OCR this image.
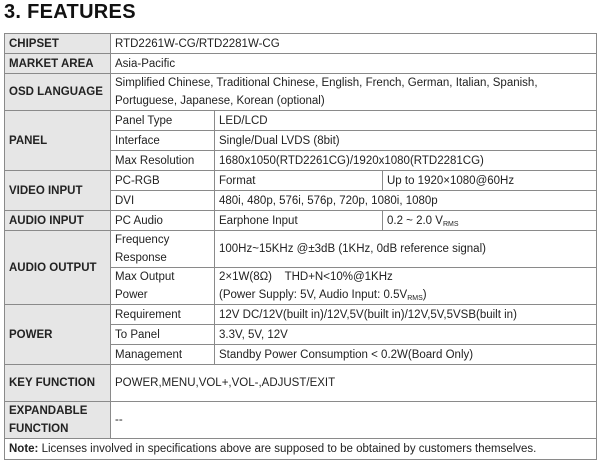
3. FEATURES
CHIPSET	RTD2261W-CG/RTD2281W-CG		
MARKET AREA	Asia-Pacific		
OSD LANGUAGE	Simplified Chinese, Traditional Chinese, English, French, German, Italian, Spanish, Portuguese, Japanese, Korean (optional)		
PANEL	Panel Type	LED/LCD	
	Interface	Single/Dual LVDS (8bit)	
	Max Resolution	1680x1050(RTD2261CG)/1920x1080(RTD2281CG)	
VIDEO INPUT	PC-RGB	Format	Up to 1920×1080@60Hz
	DVI	480i, 480p, 576i, 576p, 720p, 1080i, 1080p	
AUDIO INPUT	PC Audio	Earphone Input	0.2 ~ 2.0 $V_{RMS}$
AUDIO OUTPUT	Frequency Response	100Hz~15KHz @±3dB (1KHz, 0dB reference signal)	
	Max Output Power	2×1W(8Ω)    THD+N<10%@1KHz
(Power Supply: 5V, Audio Input: $0.5V_{RMS}$)	

POWER	Requirement	12V DC/12V(built in)/12V,5V(built in)/12V,5V,5VSB(built in)	
	To Panel	3.3V, 5V, 12V	
	Management	Standby Power Consumption < 0.2W(Board Only)	
KEY FUNCTION	POWER,MENU,VOL+,VOL-,ADJUST/EXIT		
EXPANDABLE FUNCTION	--		
Note: Licenses involved in specifications above are supposed to be obtained by customers themselves.			
